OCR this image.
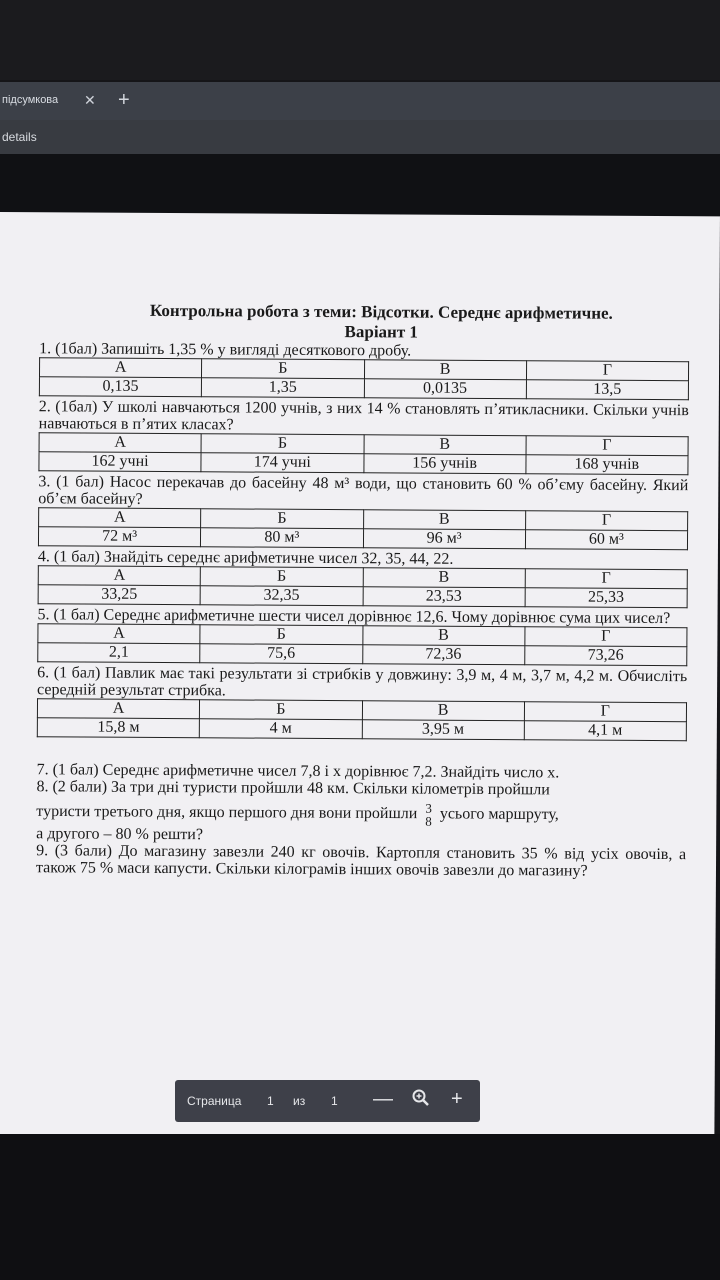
підсумкова ✕ +
details
Контрольна робота з теми: Відсотки. Середнє арифметичне.
Варіант 1

1. (1бал) Запишіть 1,35 % у вигляді десяткового дробу.

А	Б	В	Г
0,135	1,35	0,0135	13,5

2. (1бал) У школі навчаються 1200 учнів, з них 14 % становлять п’ятикласники. Скільки учнів навчаються в п’ятих класах?

А	Б	В	Г
162 учні	174 учні	156 учнів	168 учнів

3. (1 бал) Насос перекачав до басейну 48 м³ води, що становить 60 % об’єму басейну. Який об’єм басейну?

А	Б	В	Г
72 м³	80 м³	96 м³	60 м³

4. (1 бал) Знайдіть середнє арифметичне чисел 32, 35, 44, 22.

А	Б	В	Г
33,25	32,35	23,53	25,33

5. (1 бал) Середнє арифметичне шести чисел дорівнює 12,6. Чому дорівнює сума цих чисел?

А	Б	В	Г
2,1	75,6	72,36	73,26

6. (1 бал) Павлик має такі результати зі стрибків у довжину: 3,9 м, 4 м, 3,7 м, 4,2 м. Обчисліть середній результат стрибка.

А	Б	В	Г
15,8 м	4 м	3,95 м	4,1 м

7. (1 бал) Середнє арифметичне чисел 7,8 і x дорівнює 7,2. Знайдіть число x.

8. (2 бали) За три дні туристи пройшли 48 км. Скільки кілометрів пройшли

туристи третього дня, якщо першого дня вони пройшли 3
8 усього маршруту,

а другого – 80 % решти?

9. (3 бали) До магазину завезли 240 кг овочів. Картопля становить 35 % від усіх овочів, а також 75 % маси капусти. Скільки кілограмів інших овочів завезли до магазину?

Страница 1 из 1 —	+
